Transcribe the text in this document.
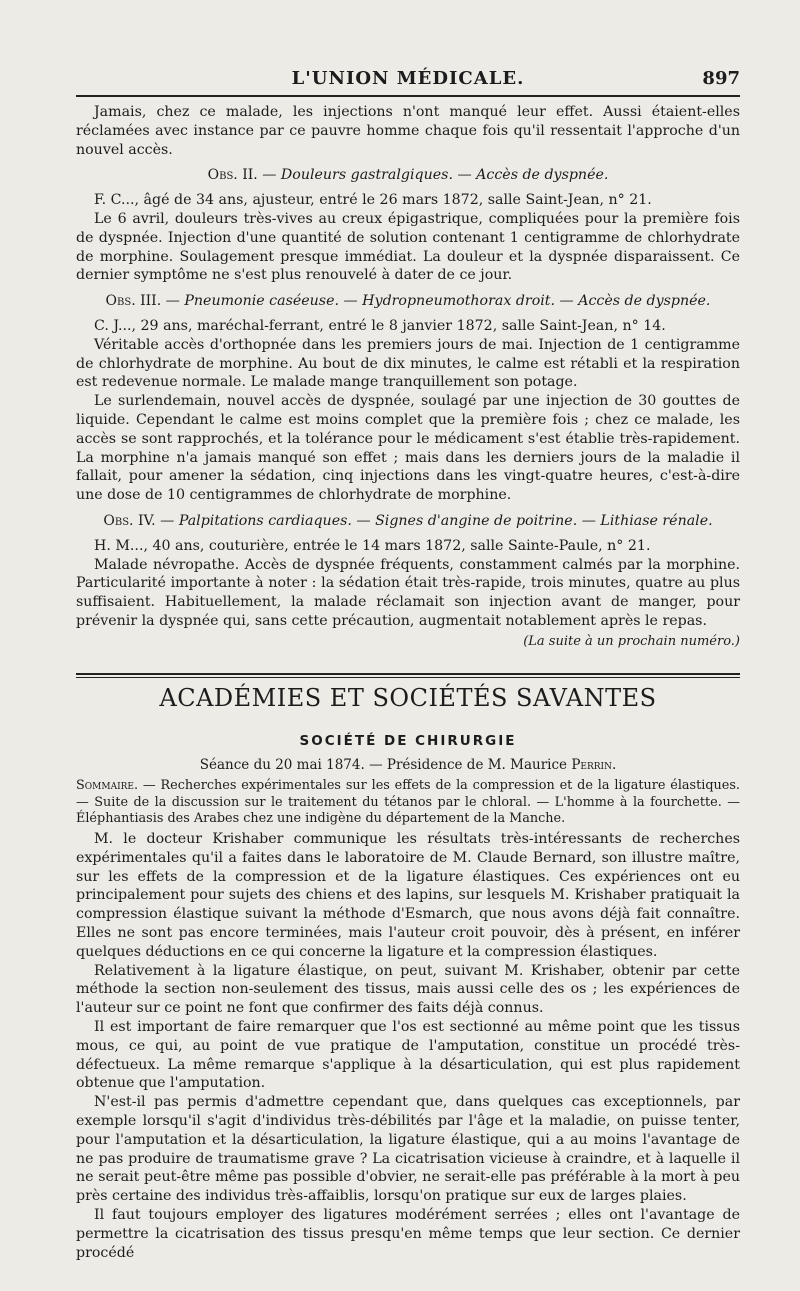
L'UNION MÉDICALE.	897

Jamais, chez ce malade, les injections n'ont manqué leur effet. Aussi étaient-elles réclamées avec instance par ce pauvre homme chaque fois qu'il ressentait l'approche d'un nouvel accès.

Obs. II. — Douleurs gastralgiques. — Accès de dyspnée.

F. C..., âgé de 34 ans, ajusteur, entré le 26 mars 1872, salle Saint-Jean, n° 21.

Le 6 avril, douleurs très-vives au creux épigastrique, compliquées pour la première fois de dyspnée. Injection d'une quantité de solution contenant 1 centigramme de chlorhydrate de morphine. Soulagement presque immédiat. La douleur et la dyspnée disparaissent. Ce dernier symptôme ne s'est plus renouvelé à dater de ce jour.

Obs. III. — Pneumonie caséeuse. — Hydropneumothorax droit. — Accès de dyspnée.

C. J..., 29 ans, maréchal-ferrant, entré le 8 janvier 1872, salle Saint-Jean, n° 14.

Véritable accès d'orthopnée dans les premiers jours de mai. Injection de 1 centigramme de chlorhydrate de morphine. Au bout de dix minutes, le calme est rétabli et la respiration est redevenue normale. Le malade mange tranquillement son potage.

Le surlendemain, nouvel accès de dyspnée, soulagé par une injection de 30 gouttes de liquide. Cependant le calme est moins complet que la première fois ; chez ce malade, les accès se sont rapprochés, et la tolérance pour le médicament s'est établie très-rapidement. La morphine n'a jamais manqué son effet ; mais dans les derniers jours de la maladie il fallait, pour amener la sédation, cinq injections dans les vingt-quatre heures, c'est-à-dire une dose de 10 centigrammes de chlorhydrate de morphine.

Obs. IV. — Palpitations cardiaques. — Signes d'angine de poitrine. — Lithiase rénale.

H. M..., 40 ans, couturière, entrée le 14 mars 1872, salle Sainte-Paule, n° 21.

Malade névropathe. Accès de dyspnée fréquents, constamment calmés par la morphine. Particularité importante à noter : la sédation était très-rapide, trois minutes, quatre au plus suffisaient. Habituellement, la malade réclamait son injection avant de manger, pour prévenir la dyspnée qui, sans cette précaution, augmentait notablement après le repas.

(La suite à un prochain numéro.)

ACADÉMIES ET SOCIÉTÉS SAVANTES
SOCIÉTÉ DE CHIRURGIE
Séance du 20 mai 1874. — Présidence de M. Maurice Perrin.
Sommaire. — Recherches expérimentales sur les effets de la compression et de la ligature élastiques. — Suite de la discussion sur le traitement du tétanos par le chloral. — L'homme à la fourchette. — Éléphantiasis des Arabes chez une indigène du département de la Manche.

M. le docteur Krishaber communique les résultats très-intéressants de recherches expérimentales qu'il a faites dans le laboratoire de M. Claude Bernard, son illustre maître, sur les effets de la compression et de la ligature élastiques. Ces expériences ont eu principalement pour sujets des chiens et des lapins, sur lesquels M. Krishaber pratiquait la compression élastique suivant la méthode d'Esmarch, que nous avons déjà fait connaître. Elles ne sont pas encore terminées, mais l'auteur croit pouvoir, dès à présent, en inférer quelques déductions en ce qui concerne la ligature et la compression élastiques.

Relativement à la ligature élastique, on peut, suivant M. Krishaber, obtenir par cette méthode la section non-seulement des tissus, mais aussi celle des os ; les expériences de l'auteur sur ce point ne font que confirmer des faits déjà connus.

Il est important de faire remarquer que l'os est sectionné au même point que les tissus mous, ce qui, au point de vue pratique de l'amputation, constitue un procédé très-défectueux. La même remarque s'applique à la désarticulation, qui est plus rapidement obtenue que l'amputation.

N'est-il pas permis d'admettre cependant que, dans quelques cas exceptionnels, par exemple lorsqu'il s'agit d'individus très-débilités par l'âge et la maladie, on puisse tenter, pour l'amputation et la désarticulation, la ligature élastique, qui a au moins l'avantage de ne pas produire de traumatisme grave ? La cicatrisation vicieuse à craindre, et à laquelle il ne serait peut-être même pas possible d'obvier, ne serait-elle pas préférable à la mort à peu près certaine des individus très-affaiblis, lorsqu'on pratique sur eux de larges plaies.

Il faut toujours employer des ligatures modérément serrées ; elles ont l'avantage de permettre la cicatrisation des tissus presqu'en même temps que leur section. Ce dernier procédé
